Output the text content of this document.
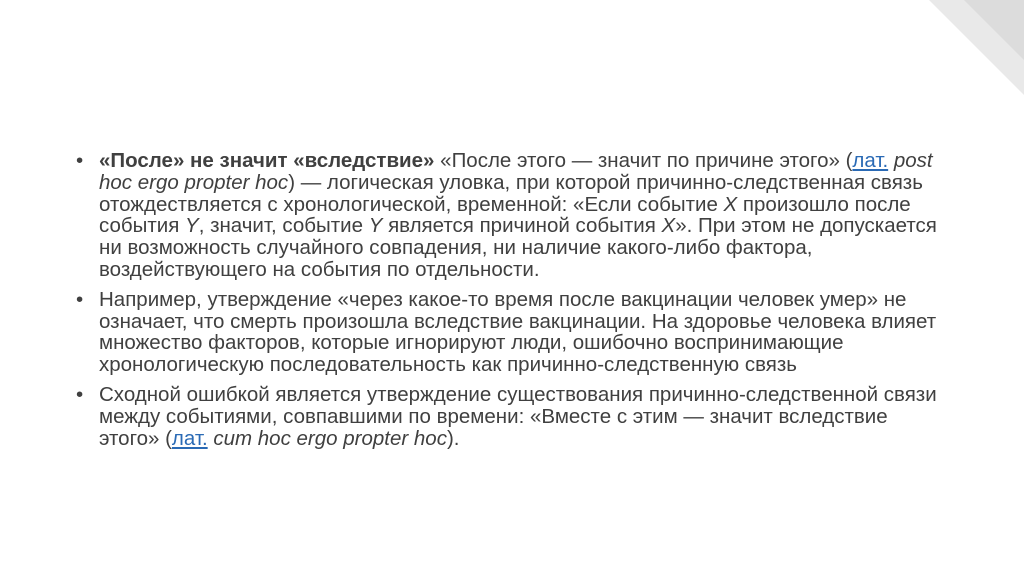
• «После» не значит «вследствие» «После этого — значит по причине этого» (лат. post hoc ergo propter hoc) — логическая уловка, при которой причинно-следственная связь отождествляется с хронологической, временной: «Если событие X произошло после события Y, значит, событие Y является причиной события X». При этом не допускается ни возможность случайного совпадения, ни наличие какого-либо фактора, воздействующего на события по отдельности.
• Например, утверждение «через какое-то время после вакцинации человек умер» не означает, что смерть произошла вследствие вакцинации. На здоровье человека влияет множество факторов, которые игнорируют люди, ошибочно воспринимающие хронологическую последовательность как причинно-следственную связь
• Сходной ошибкой является утверждение существования причинно-следственной связи между событиями, совпавшими по времени: «Вместе с этим — значит вследствие этого» (лат. cum hoc ergo propter hoc).
